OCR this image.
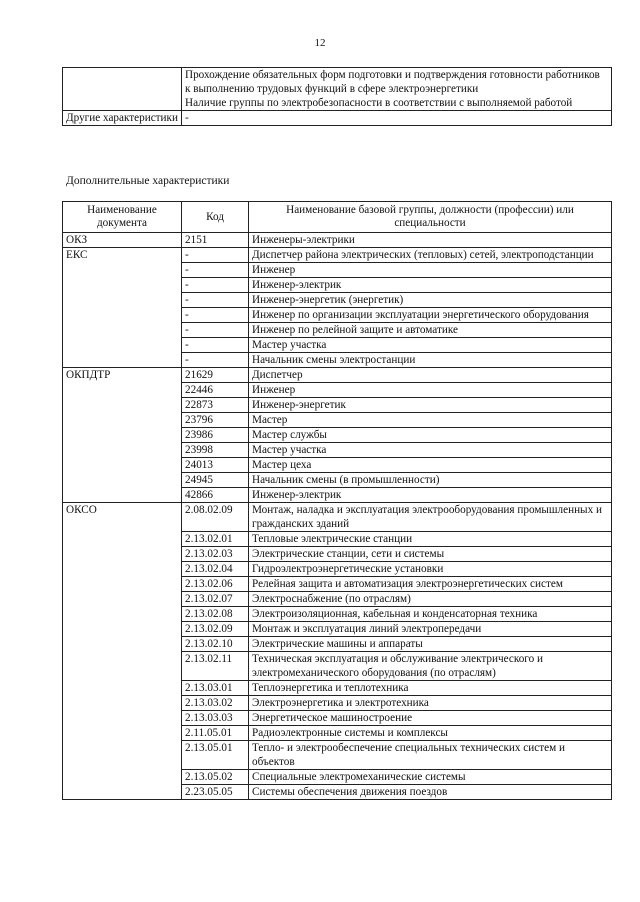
12
	Прохождение обязательных форм подготовки и подтверждения готовности работников к выполнению трудовых функций в сфере электроэнергетики
Наличие группы по электробезопасности в соответствии с выполняемой работой
Другие характеристики	-
Дополнительные характеристики
Наименование документа	Код	Наименование базовой группы, должности (профессии) или специальности
ОКЗ	2151	Инженеры-электрики
ЕКС	-	Диспетчер района электрических (тепловых) сетей, электроподстанции
	-	Инженер
	-	Инженер-электрик
	-	Инженер-энергетик (энергетик)
	-	Инженер по организации эксплуатации энергетического оборудования
	-	Инженер по релейной защите и автоматике
	-	Мастер участка
	-	Начальник смены электростанции
ОКПДТР	21629	Диспетчер
	22446	Инженер
	22873	Инженер-энергетик
	23796	Мастер
	23986	Мастер службы
	23998	Мастер участка
	24013	Мастер цеха
	24945	Начальник смены (в промышленности)
	42866	Инженер-электрик
ОКСО	2.08.02.09	Монтаж, наладка и эксплуатация электрооборудования промышленных и гражданских зданий
	2.13.02.01	Тепловые электрические станции
	2.13.02.03	Электрические станции, сети и системы
	2.13.02.04	Гидроэлектроэнергетические установки
	2.13.02.06	Релейная защита и автоматизация электроэнергетических систем
	2.13.02.07	Электроснабжение (по отраслям)
	2.13.02.08	Электроизоляционная, кабельная и конденсаторная техника
	2.13.02.09	Монтаж и эксплуатация линий электропередачи
	2.13.02.10	Электрические машины и аппараты
	2.13.02.11	Техническая эксплуатация и обслуживание электрического и электромеханического оборудования (по отраслям)
	2.13.03.01	Теплоэнергетика и теплотехника
	2.13.03.02	Электроэнергетика и электротехника
	2.13.03.03	Энергетическое машиностроение
	2.11.05.01	Радиоэлектронные системы и комплексы
	2.13.05.01	Тепло- и электрообеспечение специальных технических систем и объектов
	2.13.05.02	Специальные электромеханические системы
	2.23.05.05	Системы обеспечения движения поездов
